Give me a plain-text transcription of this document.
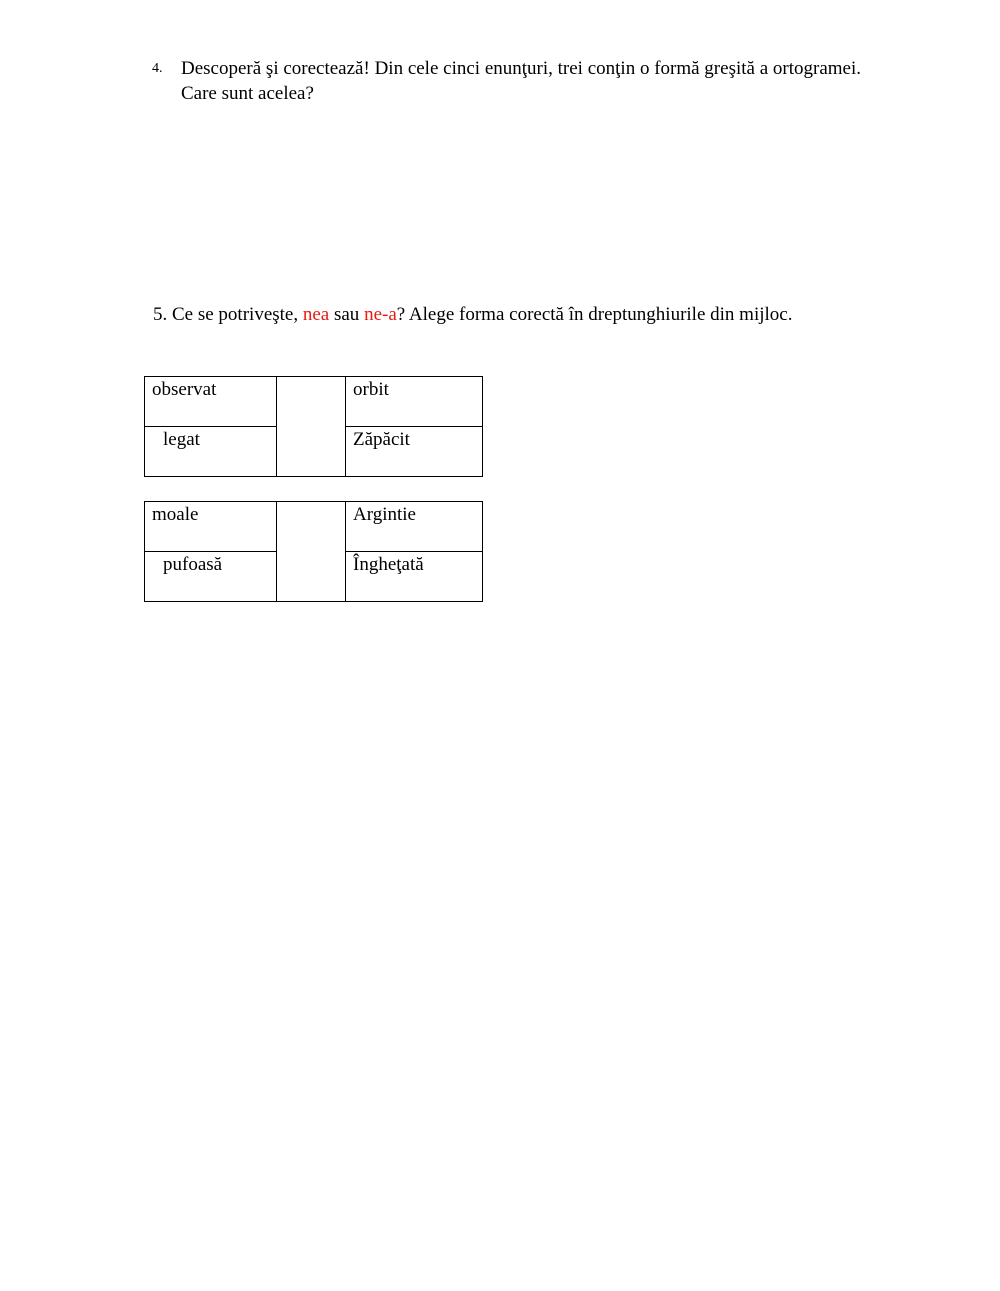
4. Descoperă şi corectează! Din cele cinci enunţuri, trei conţin o formă greşită a ortogramei. Care sunt acelea?
5. Ce se potriveşte, nea sau ne-a? Alege forma corectă în dreptunghiurile din mijloc.
observat		orbit

legat		Zăpăcit
moale		Argintie

pufoasă		Îngheţată
